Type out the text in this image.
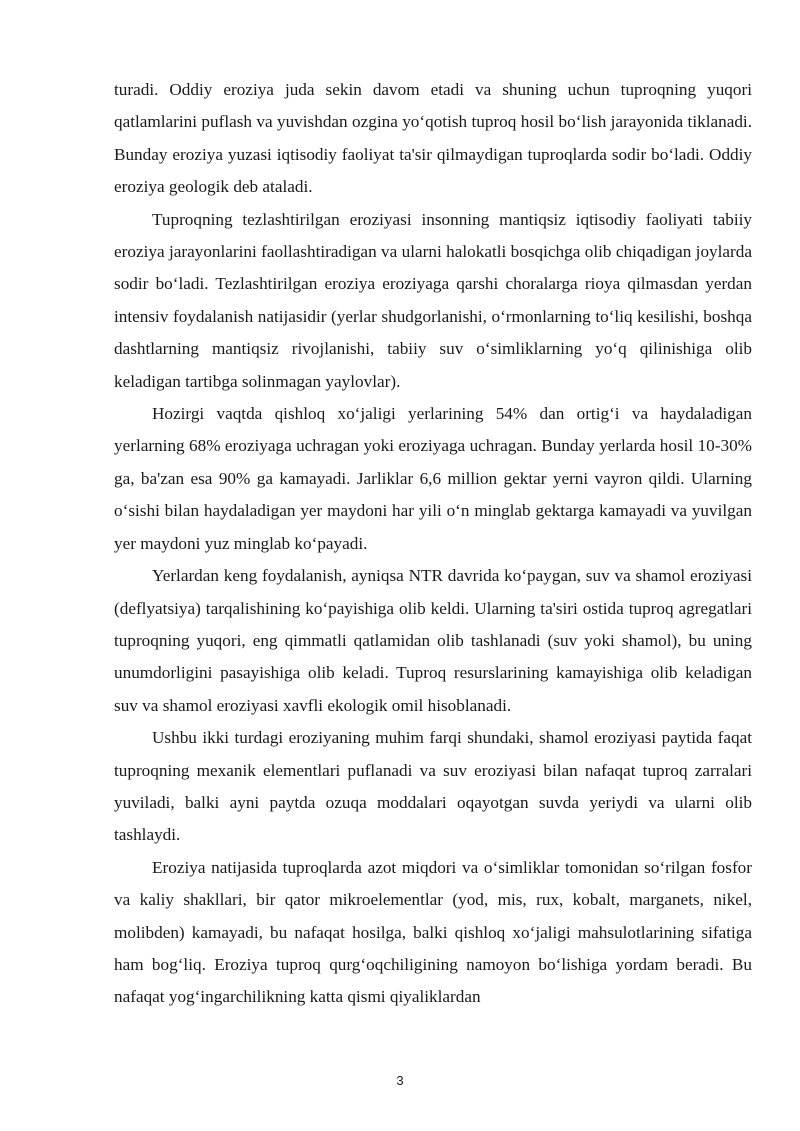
turadi. Oddiy eroziya juda sekin davom etadi va shuning uchun tuproqning yuqori qatlamlarini puflash va yuvishdan ozgina yo‘qotish tuproq hosil bo‘lish jarayonida tiklanadi. Bunday eroziya yuzasi iqtisodiy faoliyat ta'sir qilmaydigan tuproqlarda sodir bo‘ladi. Oddiy eroziya geologik deb ataladi.

Tuproqning tezlashtirilgan eroziyasi insonning mantiqsiz iqtisodiy faoliyati tabiiy eroziya jarayonlarini faollashtiradigan va ularni halokatli bosqichga olib chiqadigan joylarda sodir bo‘ladi. Tezlashtirilgan eroziya eroziyaga qarshi choralarga rioya qilmasdan yerdan intensiv foydalanish natijasidir (yerlar shudgorlanishi, o‘rmonlarning to‘liq kesilishi, boshqa dashtlarning mantiqsiz rivojlanishi, tabiiy suv o‘simliklarning yo‘q qilinishiga olib keladigan tartibga solinmagan yaylovlar).

Hozirgi vaqtda qishloq xo‘jaligi yerlarining 54% dan ortig‘i va haydaladigan yerlarning 68% eroziyaga uchragan yoki eroziyaga uchragan. Bunday yerlarda hosil 10-30% ga, ba'zan esa 90% ga kamayadi. Jarliklar 6,6 million gektar yerni vayron qildi. Ularning o‘sishi bilan haydaladigan yer maydoni har yili o‘n minglab gektarga kamayadi va yuvilgan yer maydoni yuz minglab ko‘payadi.

Yerlardan keng foydalanish, ayniqsa NTR davrida ko‘paygan, suv va shamol eroziyasi (deflyatsiya) tarqalishining ko‘payishiga olib keldi. Ularning ta'siri ostida tuproq agregatlari tuproqning yuqori, eng qimmatli qatlamidan olib tashlanadi (suv yoki shamol), bu uning unumdorligini pasayishiga olib keladi. Tuproq resurslarining kamayishiga olib keladigan suv va shamol eroziyasi xavfli ekologik omil hisoblanadi.

Ushbu ikki turdagi eroziyaning muhim farqi shundaki, shamol eroziyasi paytida faqat tuproqning mexanik elementlari puflanadi va suv eroziyasi bilan nafaqat tuproq zarralari yuviladi, balki ayni paytda ozuqa moddalari oqayotgan suvda yeriydi va ularni olib tashlaydi.

Eroziya natijasida tuproqlarda azot miqdori va o‘simliklar tomonidan so‘rilgan fosfor va kaliy shakllari, bir qator mikroelementlar (yod, mis, rux, kobalt, marganets, nikel, molibden) kamayadi, bu nafaqat hosilga, balki qishloq xo‘jaligi mahsulotlarining sifatiga ham bog‘liq. Eroziya tuproq qurg‘oqchiligining namoyon bo‘lishiga yordam beradi. Bu nafaqat yog‘ingarchilikning katta qismi qiyaliklardan

3
